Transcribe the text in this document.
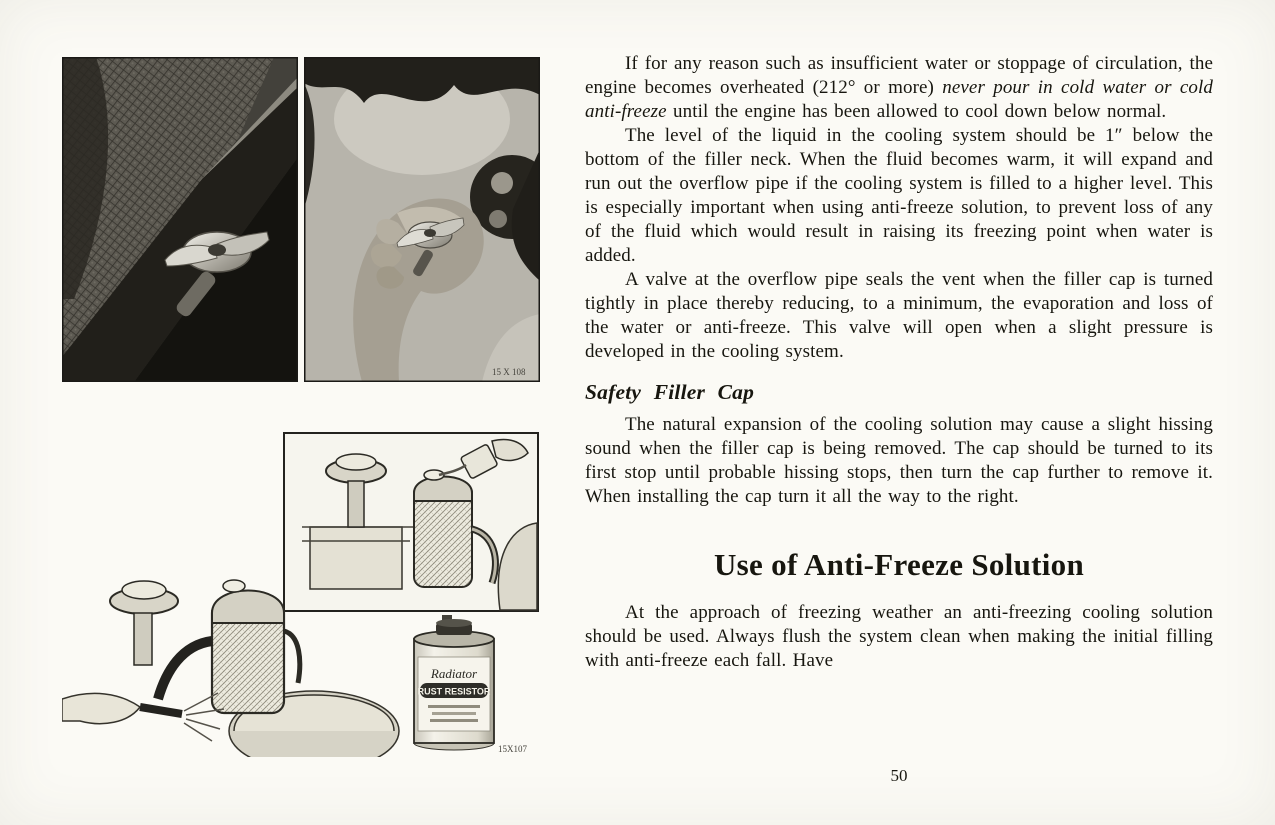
15 X 108
Radiator
RUST RESISTOR
15X107

If for any reason such as insufficient water or stoppage of circulation, the engine becomes overheated (212° or more) never pour in cold water or cold anti-freeze until the engine has been allowed to cool down below normal.

The level of the liquid in the cooling system should be 1″ below the bottom of the filler neck. When the fluid becomes warm, it will expand and run out the overflow pipe if the cooling system is filled to a higher level. This is especially important when using anti-freeze solution, to prevent loss of any of the fluid which would result in raising its freezing point when water is added.

A valve at the overflow pipe seals the vent when the filler cap is turned tightly in place thereby reducing, to a minimum, the evaporation and loss of the water or anti-freeze. This valve will open when a slight pressure is developed in the cooling system.

Safety Filler Cap

The natural expansion of the cooling solution may cause a slight hissing sound when the filler cap is being removed. The cap should be turned to its first stop until probable hissing stops, then turn the cap further to remove it. When installing the cap turn it all the way to the right.

Use of Anti-Freeze Solution

At the approach of freezing weather an anti-freezing cooling solution should be used. Always flush the system clean when making the initial filling with anti-freeze each fall. Have

50
